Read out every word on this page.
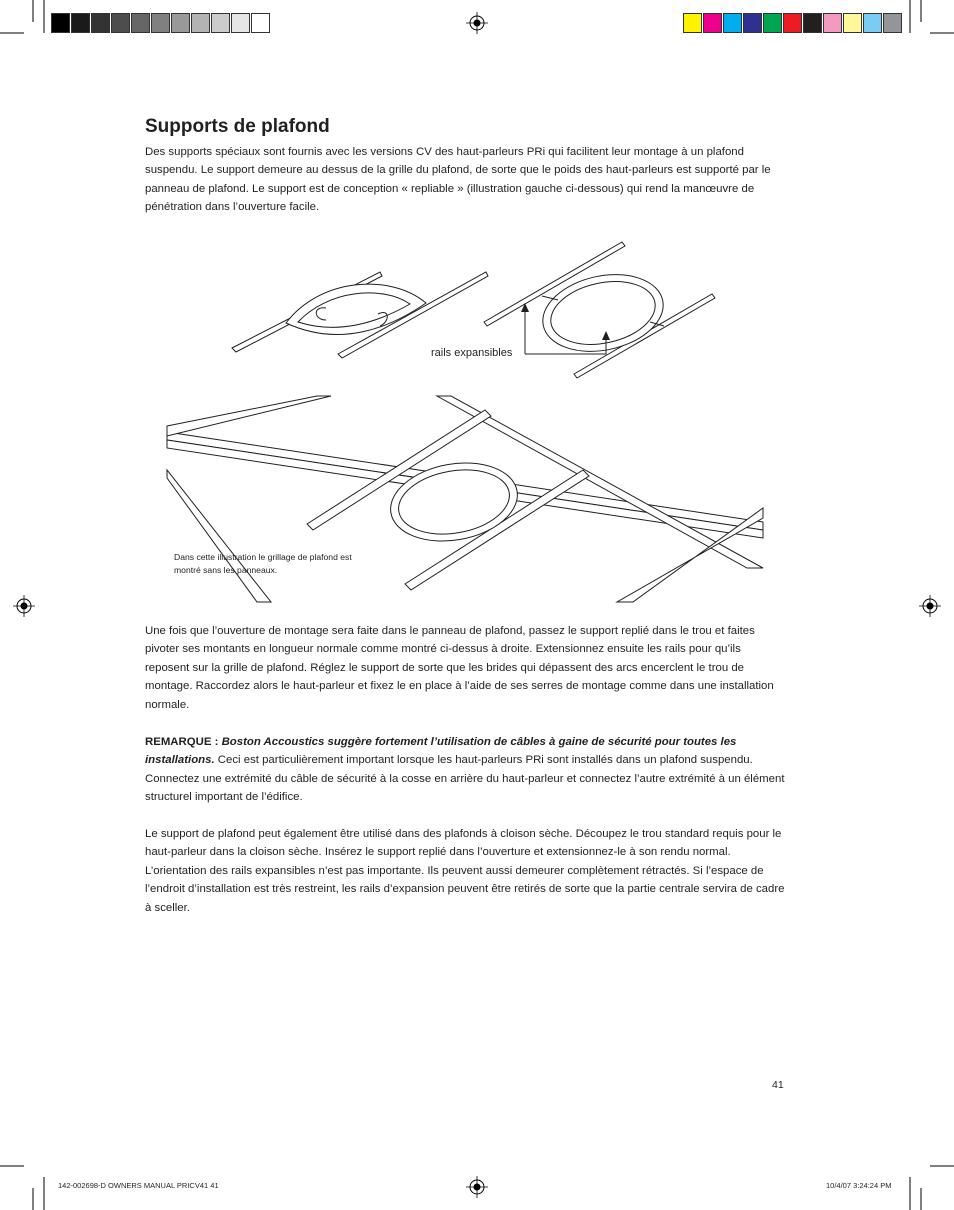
Supports de plafond

Des supports spéciaux sont fournis avec les versions CV des haut-parleurs PRi qui facilitent leur montage à un plafond suspendu. Le support demeure au dessus de la grille du plafond, de sorte que le poids des haut-parleurs est supporté par le panneau de plafond. Le support est de conception « repliable » (illustration gauche ci-dessous) qui rend la manœuvre de pénétration dans l’ouverture facile.

rails expansibles

Dans cette illustration le grillage de plafond est montré sans les panneaux.

Une fois que l’ouverture de montage sera faite dans le panneau de plafond, passez le support replié dans le trou et faites pivoter ses montants en longueur normale comme montré ci-dessus à droite. Extensionnez ensuite les rails pour qu’ils reposent sur la grille de plafond. Réglez le support de sorte que les brides qui dépassent des arcs encerclent le trou de montage. Raccordez alors le haut-parleur et fixez le en place à l’aide de ses serres de montage comme dans une installation normale.

REMARQUE : Boston Accoustics suggère fortement l’utilisation de câbles à gaine de sécurité pour toutes les installations. Ceci est particulièrement important lorsque les haut-parleurs PRi sont installés dans un plafond suspendu. Connectez une extrémité du câble de sécurité à la cosse en arrière du haut-parleur et connectez l’autre extrémité à un élément structurel important de l’édifice.

Le support de plafond peut également être utilisé dans des plafonds à cloison sèche. Découpez le trou standard requis pour le haut-parleur dans la cloison sèche. Insérez le support replié dans l’ouverture et extensionnez-le à son rendu normal. L’orientation des rails expansibles n’est pas importante. Ils peuvent aussi demeurer complètement rétractés. Si l’espace de l’endroit d’installation est très restreint, les rails d’expansion peuvent être retirés de sorte que la partie centrale servira de cadre à sceller.

41
142-002698-D OWNERS MANUAL PRICV41 41	10/4/07 3:24:24 PM
